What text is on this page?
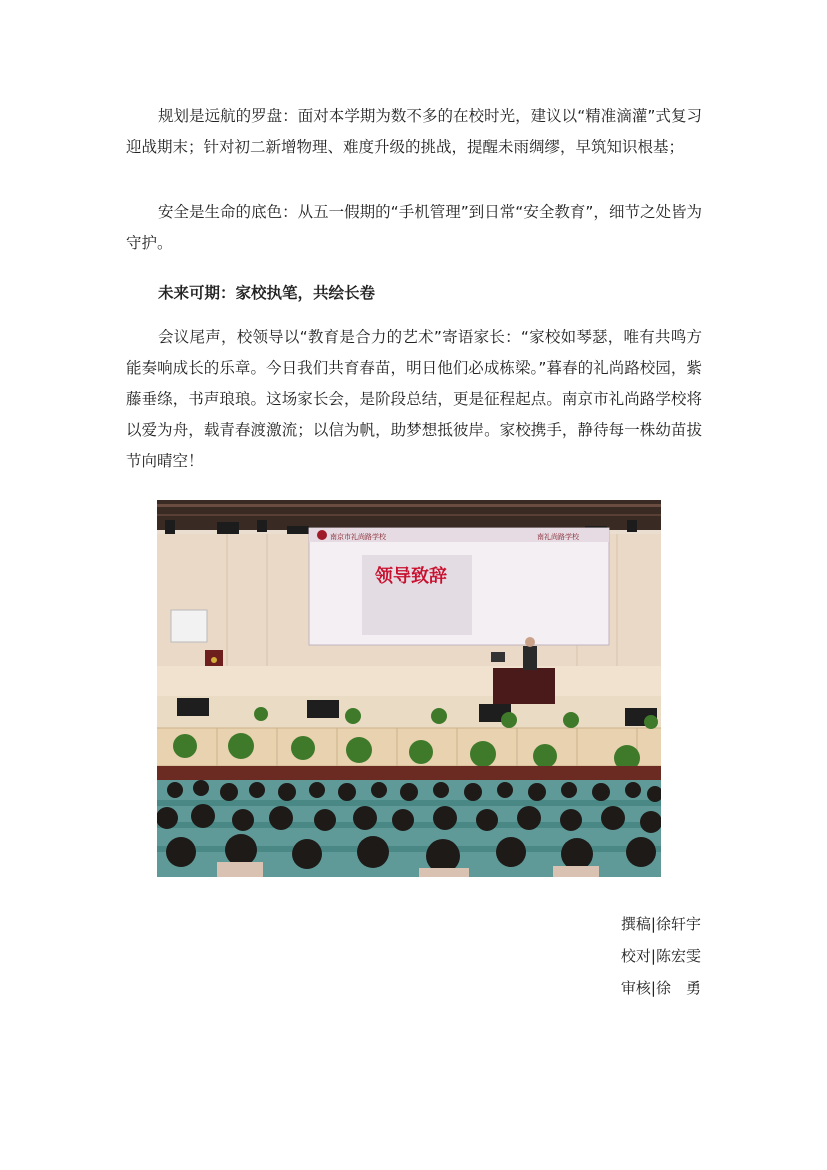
规划是远航的罗盘：面对本学期为数不多的在校时光，建议以“精准滴灌”式复习迎战期末；针对初二新增物理、难度升级的挑战，提醒未雨绸缪，早筑知识根基；

安全是生命的底色：从五一假期的“手机管理”到日常“安全教育”，细节之处皆为守护。

未来可期：家校执笔，共绘长卷

会议尾声，校领导以“教育是合力的艺术”寄语家长：“家校如琴瑟，唯有共鸣方能奏响成长的乐章。今日我们共育春苗，明日他们必成栋梁。”暮春的礼尚路校园，紫藤垂绦，书声琅琅。这场家长会，是阶段总结，更是征程起点。南京市礼尚路学校将以爱为舟，载青春渡激流；以信为帆，助梦想抵彼岸。家校携手，静待每一株幼苗拔节向晴空！

南京市礼尚路学校	南礼尚路学校
领导致辞
撰稿|徐轩宇
校对|陈宏雯
审核|徐　勇
